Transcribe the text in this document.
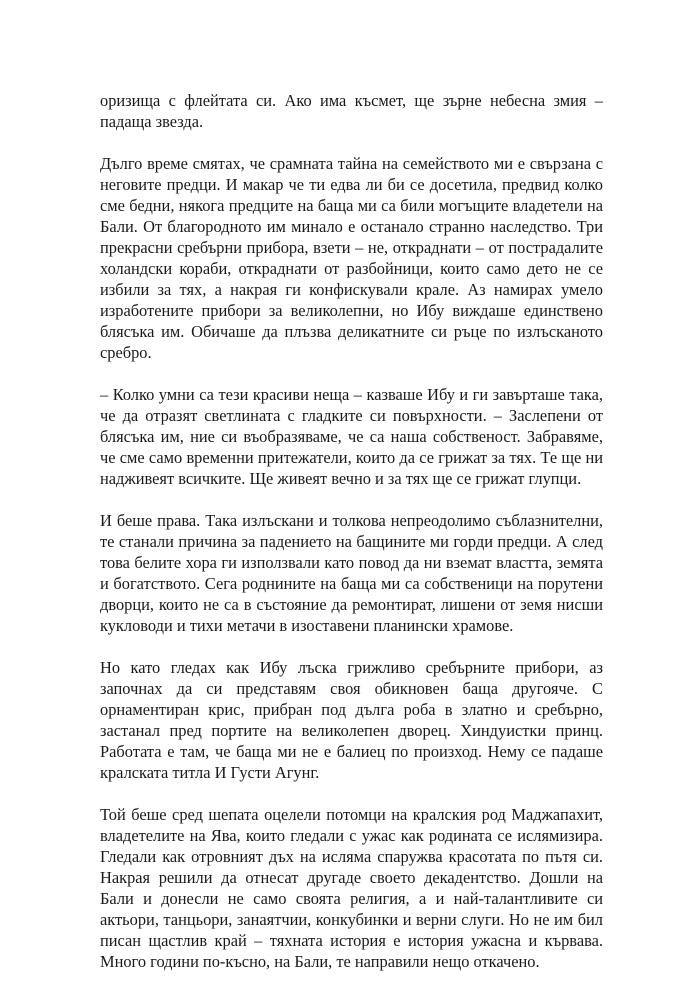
оризища с флейтата си. Ако има късмет, ще зърне небесна змия – падаща звезда.

Дълго време смятах, че срамната тайна на семейството ми е свързана с неговите предци. И макар че ти едва ли би се досетила, предвид колко сме бедни, някога предците на баща ми са били могъщите владетели на Бали. От благородното им минало е останало странно наследство. Три прекрасни сребърни прибора, взети – не, откраднати – от пострадалите холандски кораби, откраднати от разбойници, които само дето не се избили за тях, а накрая ги конфискували крале. Аз намирах умело изработените прибори за великолепни, но Ибу виждаше единствено блясъка им. Обичаше да плъзва деликатните си ръце по излъсканото сребро.

– Колко умни са тези красиви неща – казваше Ибу и ги завърташе така, че да отразят светлината с гладките си повърхности. – Заслепени от блясъка им, ние си въобразяваме, че са наша собственост. Забравяме, че сме само временни притежатели, които да се грижат за тях. Те ще ни надживеят всичките. Ще живеят вечно и за тях ще се грижат глупци.

И беше права. Така излъскани и толкова непреодолимо съблазнителни, те станали причина за падението на бащините ми горди предци. А след това белите хора ги използвали като повод да ни вземат властта, земята и богатството. Сега роднините на баща ми са собственици на порутени дворци, които не са в състояние да ремонтират, лишени от земя нисши кукловоди и тихи метачи в изоставени планински храмове.

Но като гледах как Ибу лъска грижливо сребърните прибори, аз започнах да си представям своя обикновен баща другояче. С орнаментиран крис, прибран под дълга роба в златно и сребърно, застанал пред портите на великолепен дворец. Хиндуистки принц. Работата е там, че баща ми не е балиец по произход. Нему се падаше кралската титла И Густи Агунг.

Той беше сред шепата оцелели потомци на кралския род Маджапахит, владетелите на Ява, които гледали с ужас как родината се ислямизира. Гледали как отровният дъх на исляма спаружва красотата по пътя си. Накрая решили да отнесат другаде своето декадентство. Дошли на Бали и донесли не само своята религия, а и най-талантливите си актьори, танцьори, занаятчии, конкубинки и верни слуги. Но не им бил писан щастлив край – тяхната история е история ужасна и кървава. Много години по-късно, на Бали, те направили нещо откачено.
